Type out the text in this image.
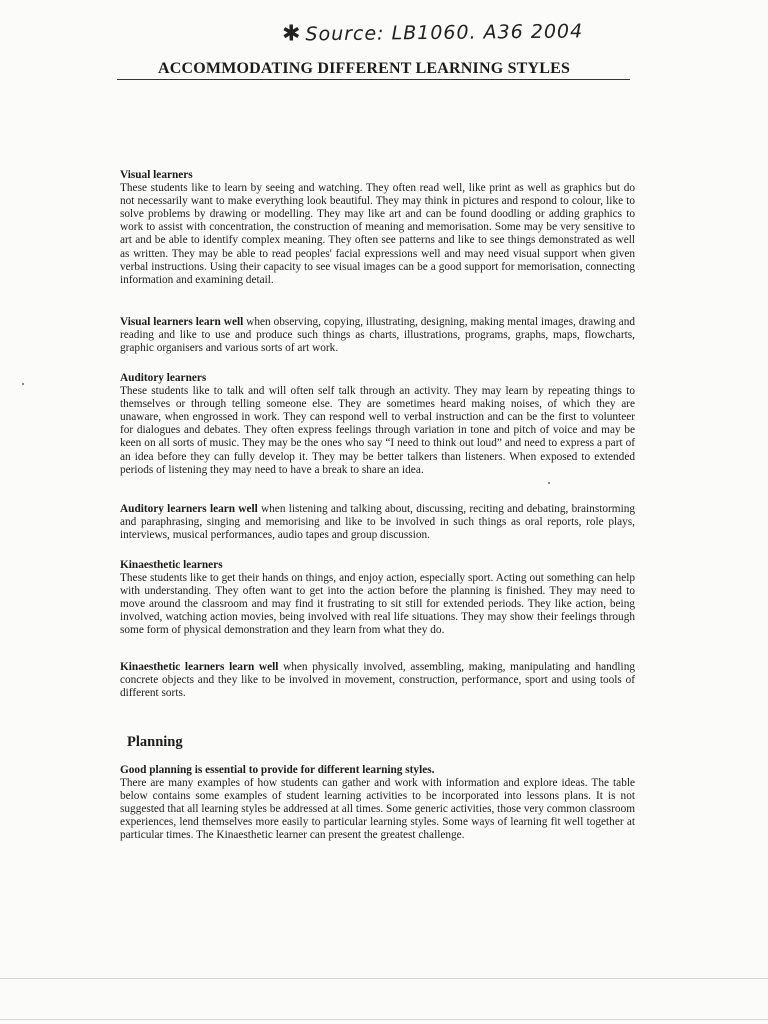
✱ Source: LB1060. A36 2004
ACCOMMODATING DIFFERENT LEARNING STYLES
Visual learners
These students like to learn by seeing and watching. They often read well, like print as well as graphics but do not necessarily want to make everything look beautiful. They may think in pictures and respond to colour, like to solve problems by drawing or modelling. They may like art and can be found doodling or adding graphics to work to assist with concentration, the construction of meaning and memorisation. Some may be very sensitive to art and be able to identify complex meaning. They often see patterns and like to see things demonstrated as well as written. They may be able to read peoples' facial expressions well and may need visual support when given verbal instructions. Using their capacity to see visual images can be a good support for memorisation, connecting information and examining detail.
Visual learners learn well when observing, copying, illustrating, designing, making mental images, drawing and reading and like to use and produce such things as charts, illustrations, programs, graphs, maps, flowcharts, graphic organisers and various sorts of art work.
Auditory learners
These students like to talk and will often self talk through an activity. They may learn by repeating things to themselves or through telling someone else. They are sometimes heard making noises, of which they are unaware, when engrossed in work. They can respond well to verbal instruction and can be the first to volunteer for dialogues and debates. They often express feelings through variation in tone and pitch of voice and may be keen on all sorts of music. They may be the ones who say “I need to think out loud” and need to express a part of an idea before they can fully develop it. They may be better talkers than listeners. When exposed to extended periods of listening they may need to have a break to share an idea.
Auditory learners learn well when listening and talking about, discussing, reciting and debating, brainstorming and paraphrasing, singing and memorising and like to be involved in such things as oral reports, role plays, interviews, musical performances, audio tapes and group discussion.
Kinaesthetic learners
These students like to get their hands on things, and enjoy action, especially sport. Acting out something can help with understanding. They often want to get into the action before the planning is finished. They may need to move around the classroom and may find it frustrating to sit still for extended periods. They like action, being involved, watching action movies, being involved with real life situations. They may show their feelings through some form of physical demonstration and they learn from what they do.
Kinaesthetic learners learn well when physically involved, assembling, making, manipulating and handling concrete objects and they like to be involved in movement, construction, performance, sport and using tools of different sorts.
Planning
Good planning is essential to provide for different learning styles.
There are many examples of how students can gather and work with information and explore ideas. The table below contains some examples of student learning activities to be incorporated into lessons plans. It is not suggested that all learning styles be addressed at all times. Some generic activities, those very common classroom experiences, lend themselves more easily to particular learning styles. Some ways of learning fit well together at particular times. The Kinaesthetic learner can present the greatest challenge.
